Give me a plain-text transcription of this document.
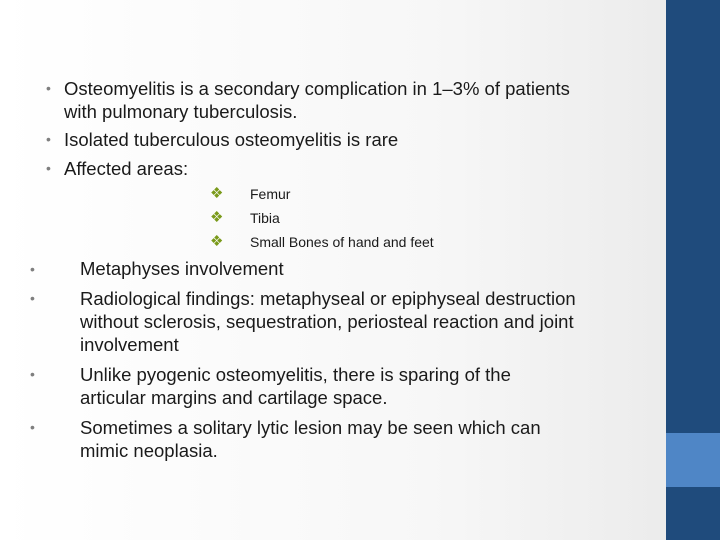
• Osteomyelitis is a secondary complication in 1–3% of patients
with pulmonary tuberculosis.
• Isolated tuberculous osteomyelitis is rare
• Affected areas:
❖ Femur
❖ Tibia
❖ Small Bones of hand and feet
• Metaphyses involvement
• Radiological findings: metaphyseal or epiphyseal destruction
without sclerosis, sequestration, periosteal reaction and joint
involvement
• Unlike pyogenic osteomyelitis, there is sparing of the
articular margins and cartilage space.
• Sometimes a solitary lytic lesion may be seen which can
mimic neoplasia.
